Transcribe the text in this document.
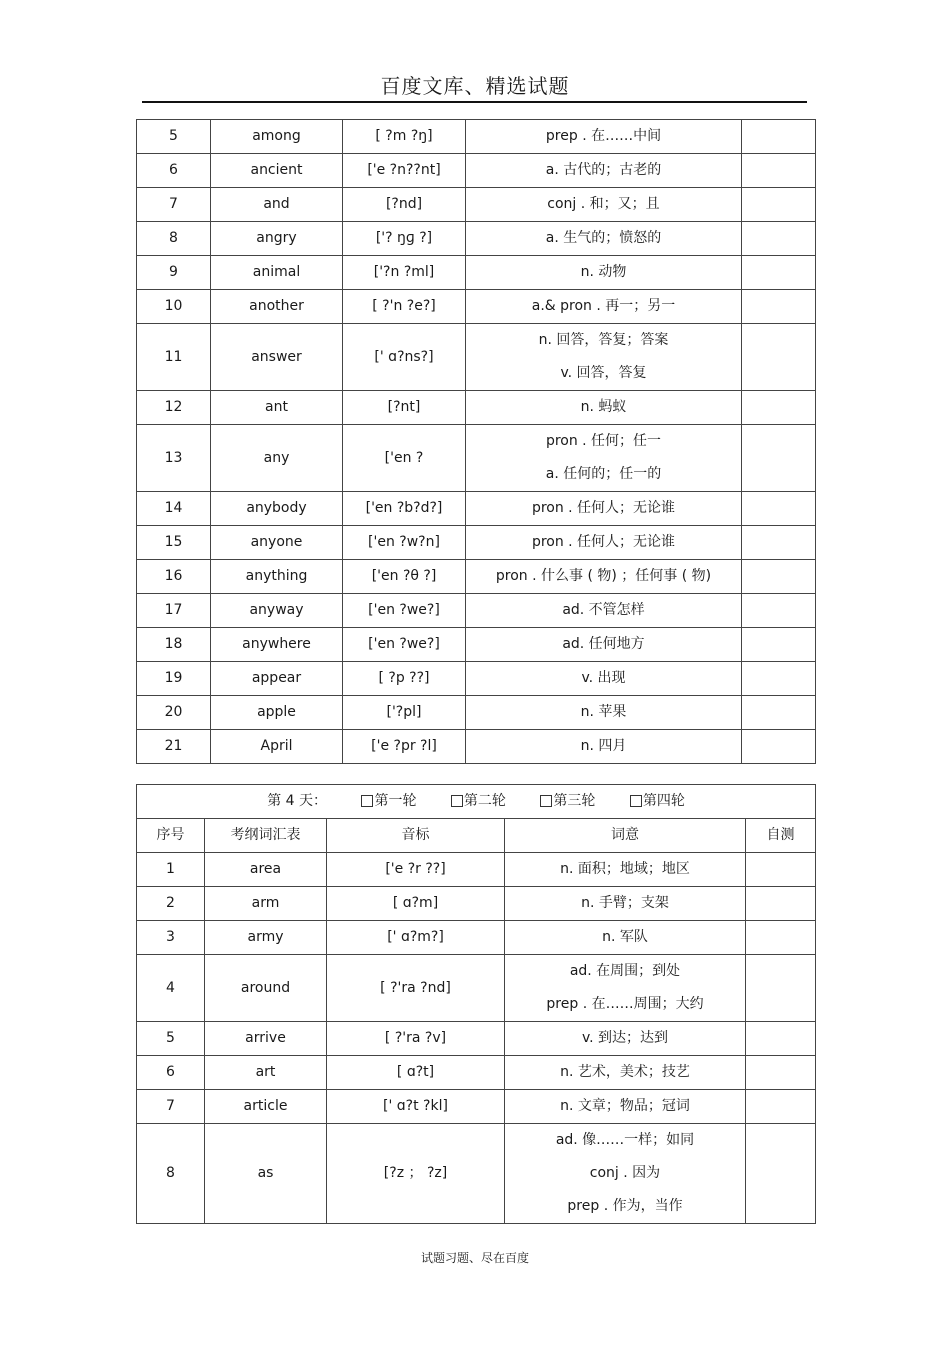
百度文库、精选试题
5	among	[ ?m ?ŋ]	prep . 在……中间	

6	ancient	['e ?n??nt]	a. 古代的；古老的	

7	and	[?nd]	conj . 和；又；且	

8	angry	['? ŋɡ ?]	a. 生气的；愤怒的	

9	animal	['?n ?ml]	n. 动物	

10	another	[ ?'n ?e?]	a.& pron . 再一；另一	

11	answer	[' ɑ?ns?]	n. 回答，答复；答案
v. 回答，答复	

12	ant	[?nt]	n. 蚂蚁	

13	any	['en ?	pron . 任何；任一
a. 任何的；任一的	

14	anybody	['en ?b?d?]	pron . 任何人；无论谁	

15	anyone	['en ?w?n]	pron . 任何人；无论谁	

16	anything	['en ?θ ?]	pron . 什么事 ( 物) ；任何事 ( 物)	

17	anyway	['en ?we?]	ad. 不管怎样	

18	anywhere	['en ?we?]	ad. 任何地方	

19	appear	[ ?p ??]	v. 出现	

20	apple	['?pl]	n. 苹果	

21	April	['e ?pr ?l]	n. 四月	

第 4 天： 第一轮 第二轮 第三轮 第四轮				
序号	考纲词汇表	音标	词意	自测
1	area	['e ?r ??]	n. 面积；地域；地区	

2	arm	[ ɑ?m]	n. 手臂；支架	

3	army	[' ɑ?m?]	n. 军队	

4	around	[ ?'ra ?nd]	ad. 在周围；到处
prep . 在……周围；大约	

5	arrive	[ ?'ra ?v]	v. 到达；达到	

6	art	[ ɑ?t]	n. 艺术，美术；技艺	

7	article	[' ɑ?t ?kl]	n. 文章；物品；冠词	

8	as	[?z ； ?z]	ad. 像……一样；如同
conj . 因为
prep . 作为，当作	

试题习题、尽在百度
